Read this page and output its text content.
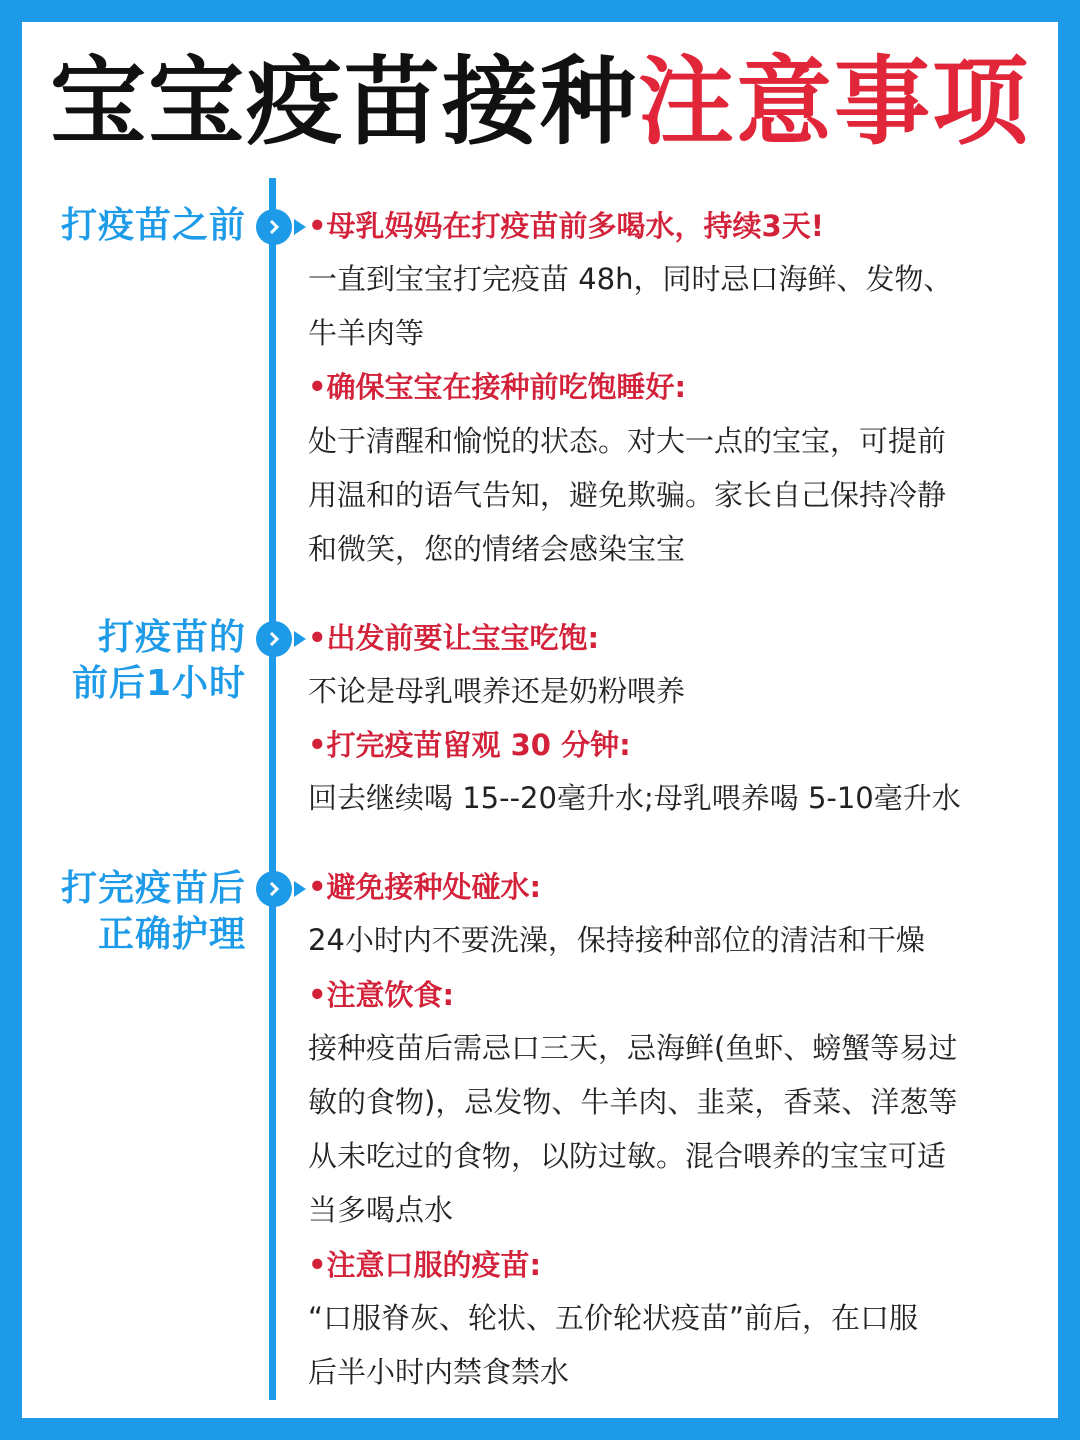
宝宝疫苗接种注意事项
打疫苗之前 •母乳妈妈在打疫苗前多喝水，持续3天!

一直到宝宝打完疫苗 48h，同时忌口海鲜、发物、

牛羊肉等

•确保宝宝在接种前吃饱睡好:

处于清醒和愉悦的状态。对大一点的宝宝，可提前

用温和的语气告知，避免欺骗。家长自己保持冷静

和微笑，您的情绪会感染宝宝

打疫苗的
前后1小时
•出发前要让宝宝吃饱:

不论是母乳喂养还是奶粉喂养

•打完疫苗留观 30 分钟:

回去继续喝 15--20毫升水;母乳喂养喝 5-10毫升水

打完疫苗后
正确护理
•避免接种处碰水:

24小时内不要洗澡，保持接种部位的清洁和干燥

•注意饮食:

接种疫苗后需忌口三天，忌海鲜(鱼虾、螃蟹等易过

敏的食物)，忌发物、牛羊肉、韭菜，香菜、洋葱等

从未吃过的食物，以防过敏。混合喂养的宝宝可适

当多喝点水

•注意口服的疫苗:

“口服脊灰、轮状、五价轮状疫苗”前后，在口服

后半小时内禁食禁水
